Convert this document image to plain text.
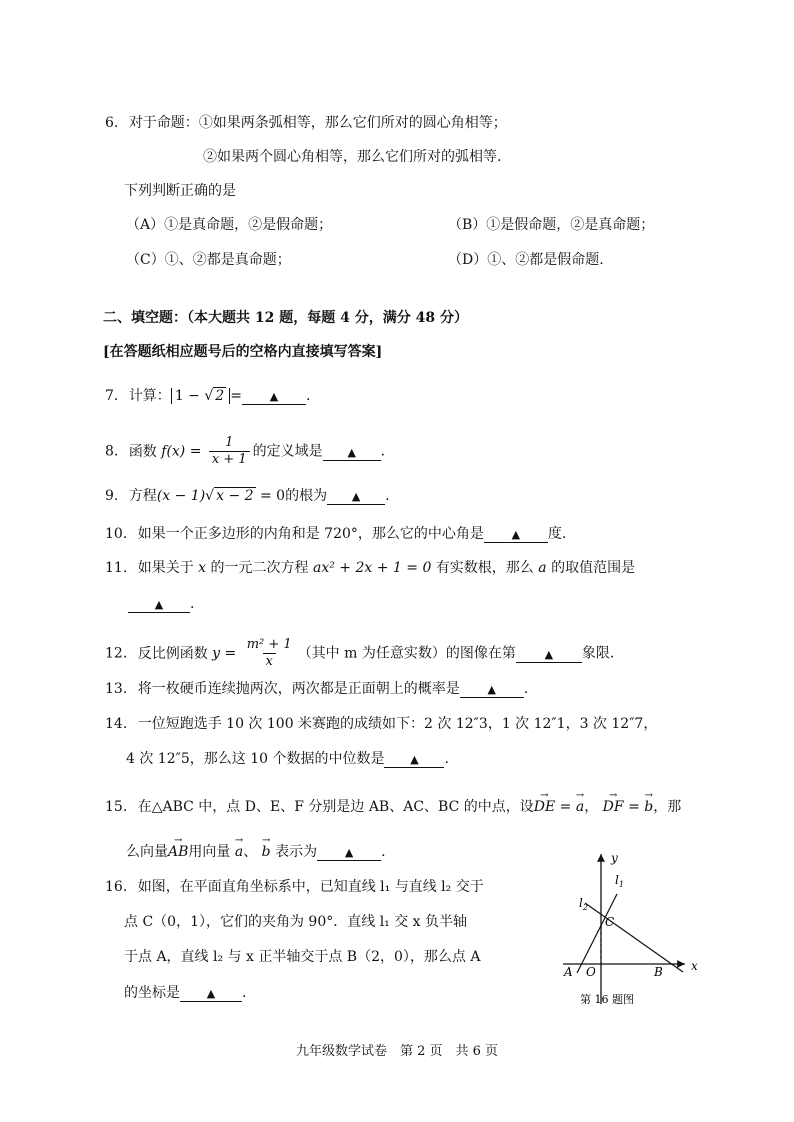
6. 对于命题：①如果两条弧相等，那么它们所对的圆心角相等；
②如果两个圆心角相等，那么它们所对的弧相等.
下列判断正确的是
（A）①是真命题，②是假命题；	（B）①是假命题，②是真命题；
（C）①、②都是真命题；	（D）①、②都是假命题.
二、填空题：（本大题共 12 题，每题 4 分，满分 48 分）
[在答题纸相应题号后的空格内直接填写答案]
7. 计算： 1 − √ 2 =	▲ .
8. 函数 $f(x) = \frac{1}{x + 1}$ 的定义域是 ▲ .
9. 方程(x − 1)√ x − 2 = 0的根为 ▲ .
10. 如果一个正多边形的内角和是 720°，那么它的中心角是	▲ 度.
11. 如果关于 x 的一元二次方程 ax² + 2x + 1 = 0 有实数根，那么 a 的取值范围是
▲ .
12. 反比例函数 $y = \frac{\text{m² + 1}}{x}$ （其中 m 为任意实数）的图像在第	▲ 象限.
13. 将一枚硬币连续抛两次，两次都是正面朝上的概率是	▲ .
14. 一位短跑选手 10 次 100 米赛跑的成绩如下：2 次 12″3，1 次 12″1，3 次 12″7，
4 次 12″5，那么这 10 个数据的中位数是 ▲ .
15. 在△ABC 中，点 D、E、F 分别是边 AB、AC、BC 的中点，设→ DE = → a， → DF = → b，那
么向量→ AB用向量 → a、 → b 表示为	▲ .
16. 如图，在平面直角坐标系中，已知直线 l₁ 与直线 l₂ 交于
点 C（0，1），它们的夹角为 90°．直线 l₁ 交 x 负半轴
于点 A，直线 l₂ 与 x 正半轴交于点 B（2，0），那么点 A
的坐标是 ▲ .
y
x
$l_1$
$l_2$
C
A O	B
第 16 题图
九年级数学试卷　第 2 页　共 6 页
